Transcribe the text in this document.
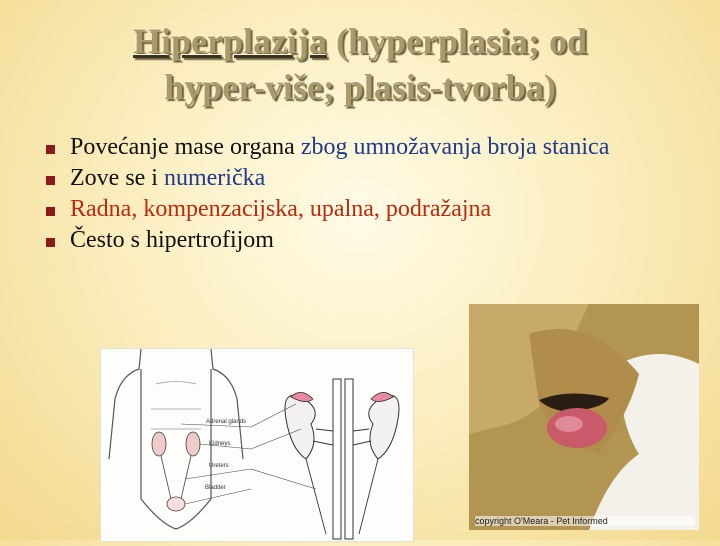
Hiperplazija (hyperplasia; od
hyper-više; plasis-tvorba)
Povećanje mase organa zbog umnožavanja broja stanica
Zove se i numerička
Radna, kompenzacijska, upalna, podražajna
Često s hipertrofijom
Adrenal glands
Kidneys
Ureters
Bladder
copyright O'Meara - Pet Informed
